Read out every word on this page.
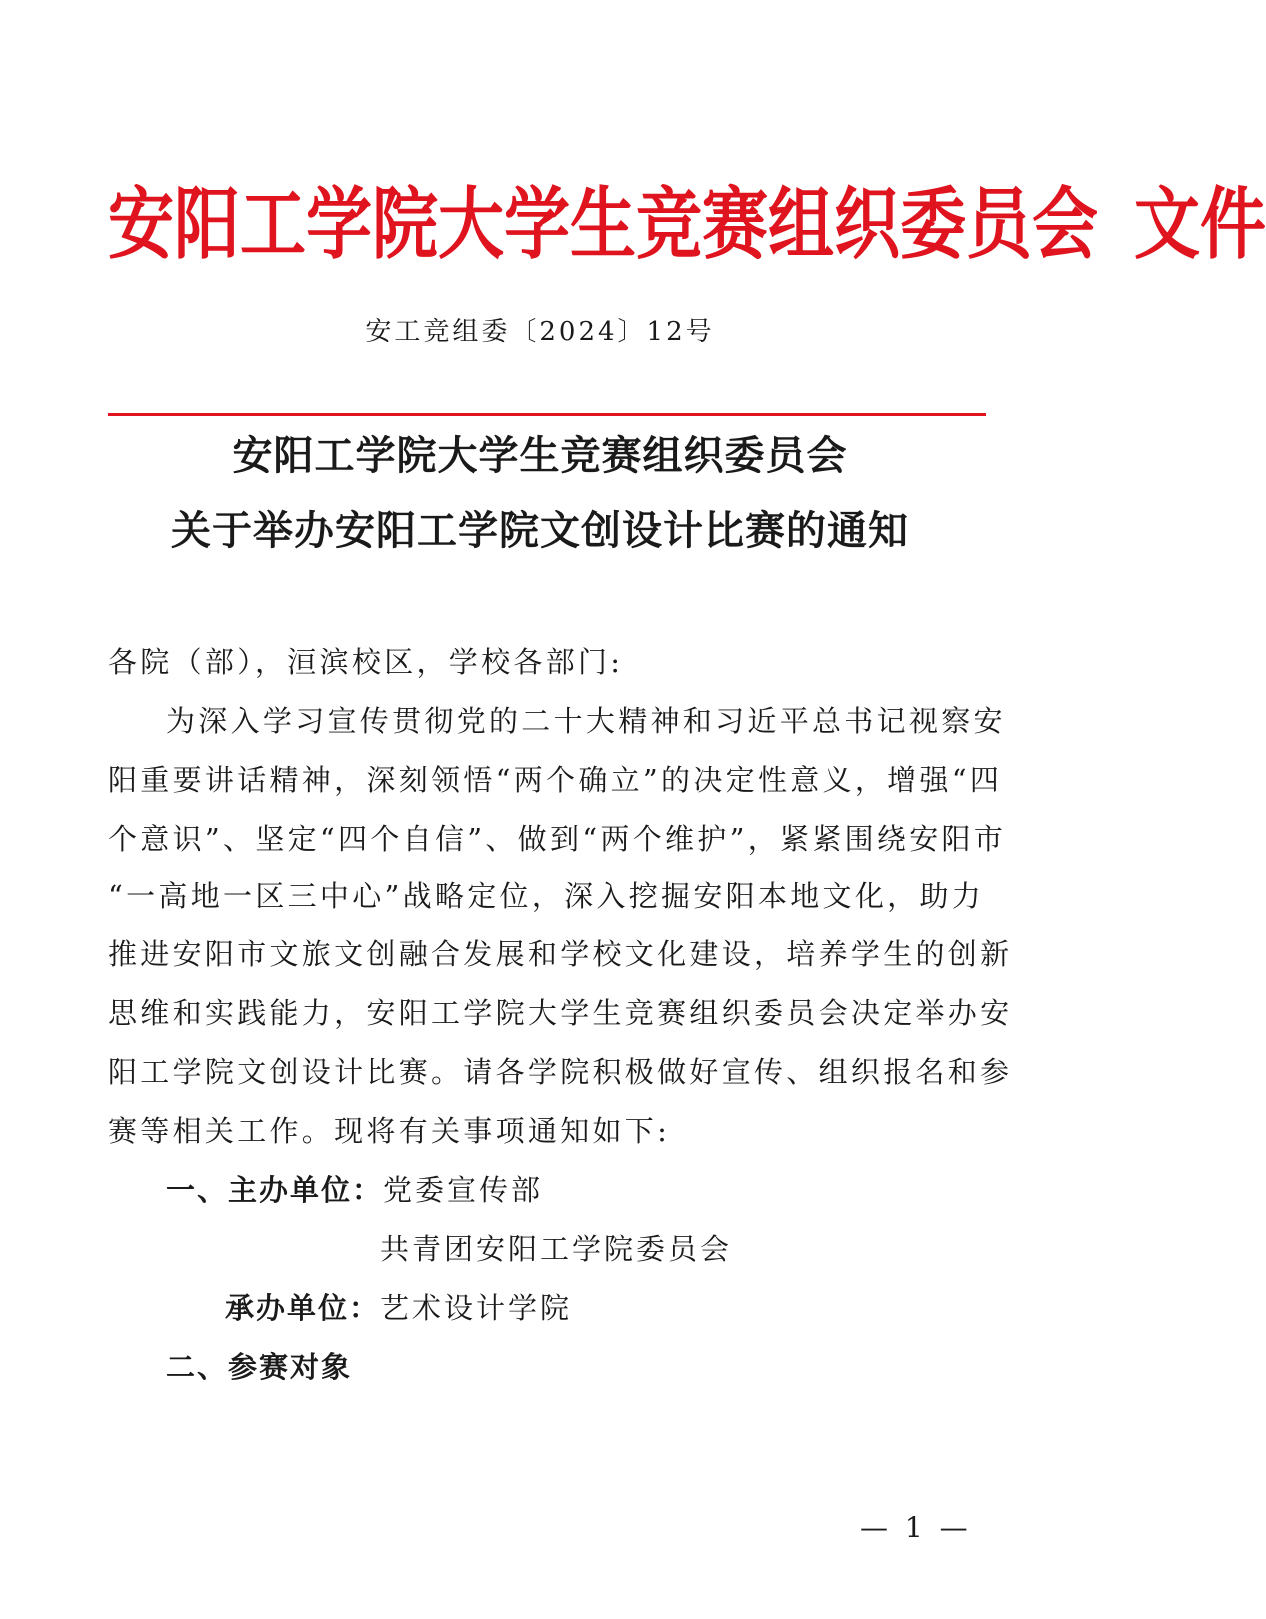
安阳工学院大学生竞赛组织委员会 文件
安工竞组委〔2024〕12号
安阳工学院大学生竞赛组织委员会
关于举办安阳工学院文创设计比赛的通知
各院（部），洹滨校区，学校各部门:
为深入学习宣传贯彻党的二十大精神和习近平总书记视察安
阳重要讲话精神，深刻领悟“两个确立”的决定性意义，增强“四
个意识”、坚定“四个自信”、做到“两个维护”，紧紧围绕安阳市
“一高地一区三中心”战略定位，深入挖掘安阳本地文化，助力
推进安阳市文旅文创融合发展和学校文化建设，培养学生的创新
思维和实践能力，安阳工学院大学生竞赛组织委员会决定举办安
阳工学院文创设计比赛。请各学院积极做好宣传、组织报名和参
赛等相关工作。现将有关事项通知如下:
一、主办单位：党委宣传部
共青团安阳工学院委员会
承办单位：艺术设计学院
二、参赛对象
— 1 —
